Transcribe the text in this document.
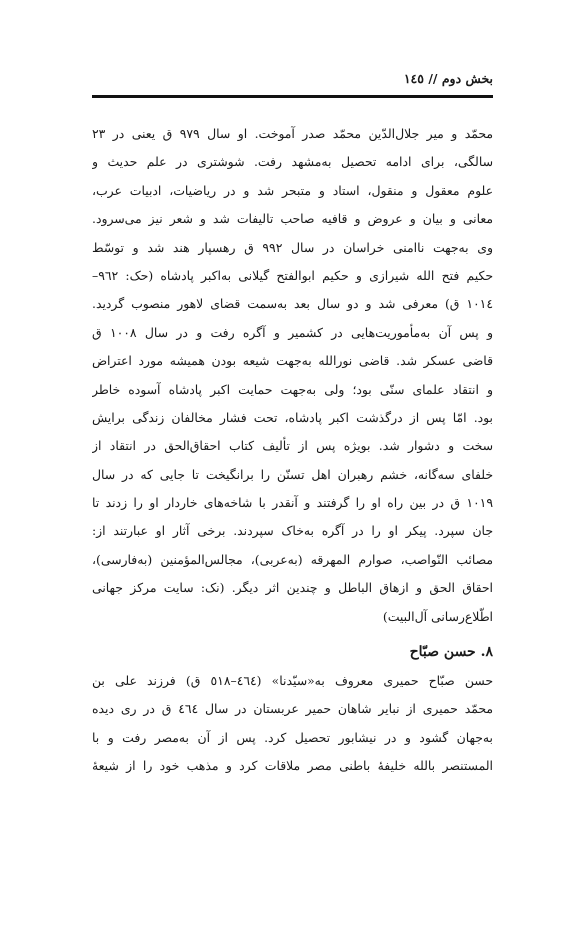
بخش دوم // ١٤٥
محمّد و میر جلال‌الدّین محمّد صدر آموخت. او سال ٩٧٩ ق یعنی در ٢٣
سالگی، برای ادامه تحصیل به‌مشهد رفت. شوشتری در علم حدیث و
علوم معقول و منقول، استاد و متبحر شد و در ریاضیات، ادبیات عرب،
معانی و بیان و عروض و قافیه صاحب تالیفات شد و شعر نیز می‌سرود.
وی به‌جهت ناامنی خراسان در سال ٩٩٢ ق رهسپار هند شد و توسّط
حکیم فتح الله شیرازی و حکیم ابوالفتح گیلانی به‌اکبر پادشاه (حک: ٩٦٢–
١٠١٤ ق) معرفی شد و دو سال بعد به‌سمت قضای لاهور منصوب گردید.
و پس آن به‌مأموریت‌هایی در کشمیر و آگره رفت و در سال ١٠٠٨ ق
قاضی عسکر شد. قاضی نورالله به‌جهت شیعه بودن همیشه مورد اعتراض
و انتقاد علمای سنّی بود؛ ولی به‌جهت حمایت اکبر پادشاه آسوده خاطر
بود. امّا پس از درگذشت اکبر پادشاه، تحت فشار مخالفان زندگی برایش
سخت و دشوار شد. بویژه پس از تألیف کتاب احقاق‌الحق در انتقاد از
خلفای سه‌گانه، خشم رهبران اهل تسنّن را برانگیخت تا جایی که در سال
١٠١٩ ق در بین راه او را گرفتند و آنقدر با شاخه‌های خاردار او را زدند تا
جان سپرد. پیکر او را در آگره به‌خاک سپردند. برخی آثار او عبارتند از:
مصائب النّواصب، صوارم المهرقه (به‌عربی)، مجالس‌المؤمنین (به‌فارسی)،
احقاق الحق و ازهاق الباطل و چندین اثر دیگر. (نک: سایت مرکز جهانی
اطّلاع‌رسانی آل‌البیت)
٨. حسن صبّاح
حسن صبّاح حمیری معروف به«سیّدنا» (٤٦٤–٥١٨ ق) فرزند علی بن
محمّد حمیری از نبایر شاهان حمیر عربستان در سال ٤٦٤ ق در ری دیده
به‌جهان گشود و در نیشابور تحصیل کرد. پس از آن به‌مصر رفت و با
المستنصر بالله خلیفهٔ باطنی مصر ملاقات کرد و مذهب خود را از شیعهٔ
